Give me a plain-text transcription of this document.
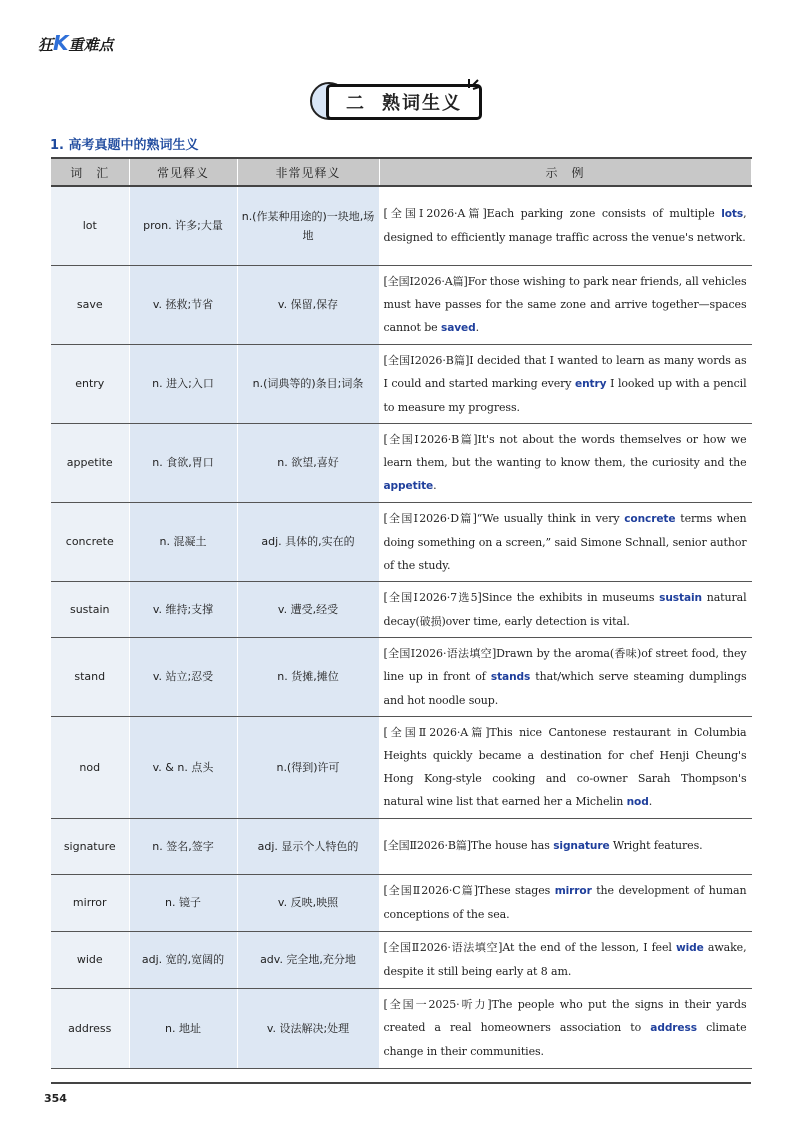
狂K重难点
二 熟词生义
1. 高考真题中的熟词生义
词　汇	常见释义	非常见释义	示　例
lot	pron. 许多;大量	n.(作某种用途的)一块地,场地	[全国Ⅰ2026·A篇]Each parking zone consists of multiple lots, designed to efficiently manage traffic across the venue's network.
save	v. 拯救;节省	v. 保留,保存	[全国Ⅰ2026·A篇]For those wishing to park near friends, all vehicles must have passes for the same zone and arrive together—spaces cannot be saved.
entry	n. 进入;入口	n.(词典等的)条目;词条	[全国Ⅰ2026·B篇]I decided that I wanted to learn as many words as I could and started marking every entry I looked up with a pencil to measure my progress.
appetite	n. 食欲,胃口	n. 欲望,喜好	[全国Ⅰ2026·B篇]It's not about the words themselves or how we learn them, but the wanting to know them, the curiosity and the appetite.
concrete	n. 混凝土	adj. 具体的,实在的	[全国Ⅰ2026·D篇]“We usually think in very concrete terms when doing something on a screen,” said Simone Schnall, senior author of the study.
sustain	v. 维持;支撑	v. 遭受,经受	[全国Ⅰ2026·7选5]Since the exhibits in museums sustain natural decay(破损)over time, early detection is vital.
stand	v. 站立;忍受	n. 货摊,摊位	[全国Ⅰ2026·语法填空]Drawn by the aroma(香味)of street food, they line up in front of stands that/which serve steaming dumplings and hot noodle soup.
nod	v. & n. 点头	n.(得到)许可	[全国Ⅱ2026·A篇]This nice Cantonese restaurant in Columbia Heights quickly became a destination for chef Henji Cheung's Hong Kong-style cooking and co-owner Sarah Thompson's natural wine list that earned her a Michelin nod.
signature	n. 签名,签字	adj. 显示个人特色的	[全国Ⅱ2026·B篇]The house has signature Wright features.
mirror	n. 镜子	v. 反映,映照	[全国Ⅱ2026·C篇]These stages mirror the development of human conceptions of the sea.
wide	adj. 宽的,宽阔的	adv. 完全地,充分地	[全国Ⅱ2026·语法填空]At the end of the lesson, I feel wide awake, despite it still being early at 8 am.
address	n. 地址	v. 设法解决;处理	[全国一2025·听力]The people who put the signs in their yards created a real homeowners association to address climate change in their communities.
354
